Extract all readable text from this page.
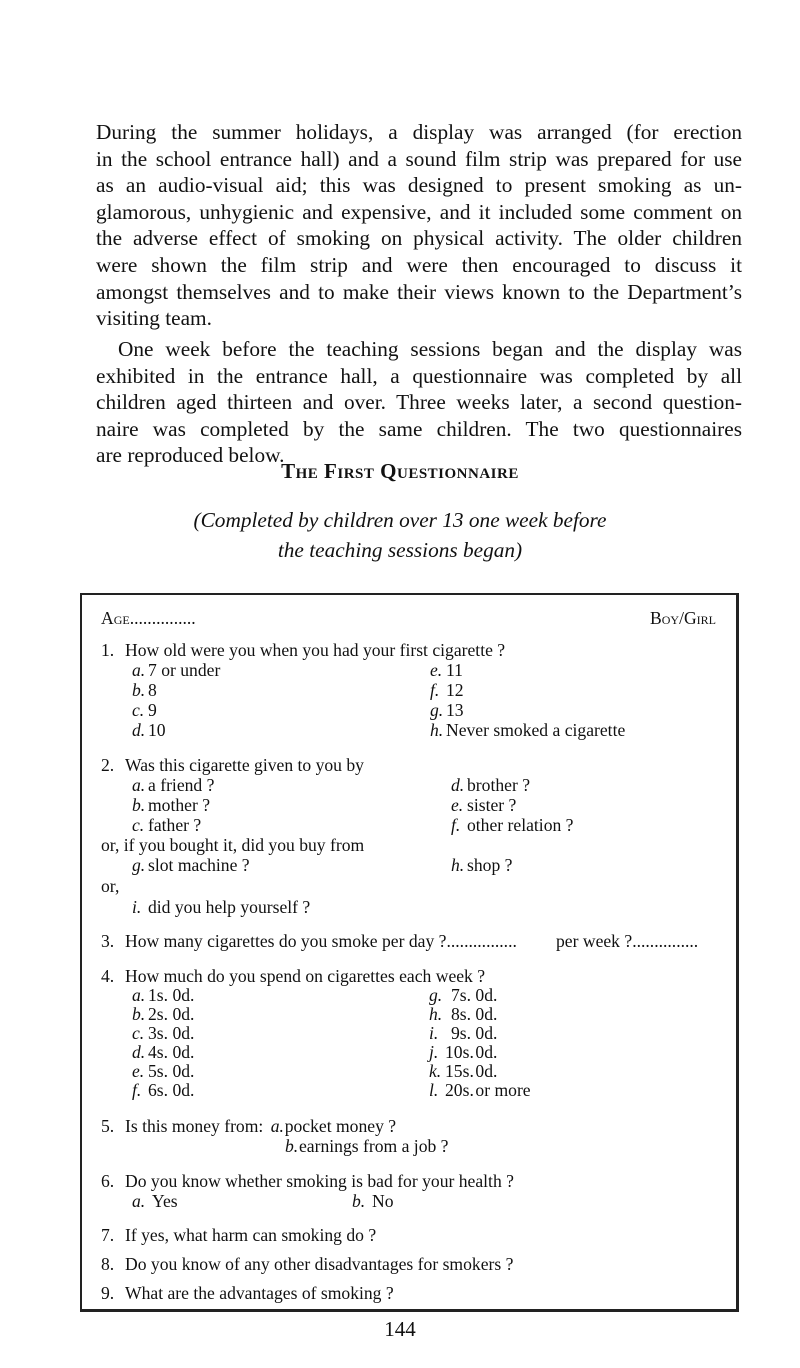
During the summer holidays, a display was arranged (for erection
in the school entrance hall) and a sound film strip was prepared for use
as an audio-visual aid; this was designed to present smoking as un-
glamorous, unhygienic and expensive, and it included some comment on
the adverse effect of smoking on physical activity. The older children
were shown the film strip and were then encouraged to discuss it
amongst themselves and to make their views known to the Department’s
visiting team.
One week before the teaching sessions began and the display was
exhibited in the entrance hall, a questionnaire was completed by all
children aged thirteen and over. Three weeks later, a second question-
naire was completed by the same children. The two questionnaires
are reproduced below.
The First Questionnaire
(Completed by children over 13 one week before
the teaching sessions began)
Age...............	Boy/Girl
1. How old were you when you had your first cigarette ?
a. 7 or under
b. 8
c. 9
d. 10
e. 11
f. 12
g. 13
h. Never smoked a cigarette
2. Was this cigarette given to you by
a. a friend ?
b. mother ?
c. father ?
d. brother ?
e. sister ?
f. other relation ?
or, if you bought it, did you buy from
g. slot machine ?	h. shop ?
or,
i. did you help yourself ?
3. How many cigarettes do you smoke per day ?................ per week ?...............
4. How much do you spend on cigarettes each week ?
a. 1s. 0d.
b. 2s. 0d.
c. 3s. 0d.
d. 4s. 0d.
e. 5s. 0d.
f. 6s. 0d.
g. 7s. 0d.
h. 8s. 0d.
i. 9s. 0d.
j. 10s. 0d.
k. 15s. 0d.
l. 20s. or more
5. Is this money from: a.pocket money ?
b.earnings from a job ?
6. Do you know whether smoking is bad for your health ?
a. Yes	b. No
7. If yes, what harm can smoking do ?
8. Do you know of any other disadvantages for smokers ?
9. What are the advantages of smoking ?

144
